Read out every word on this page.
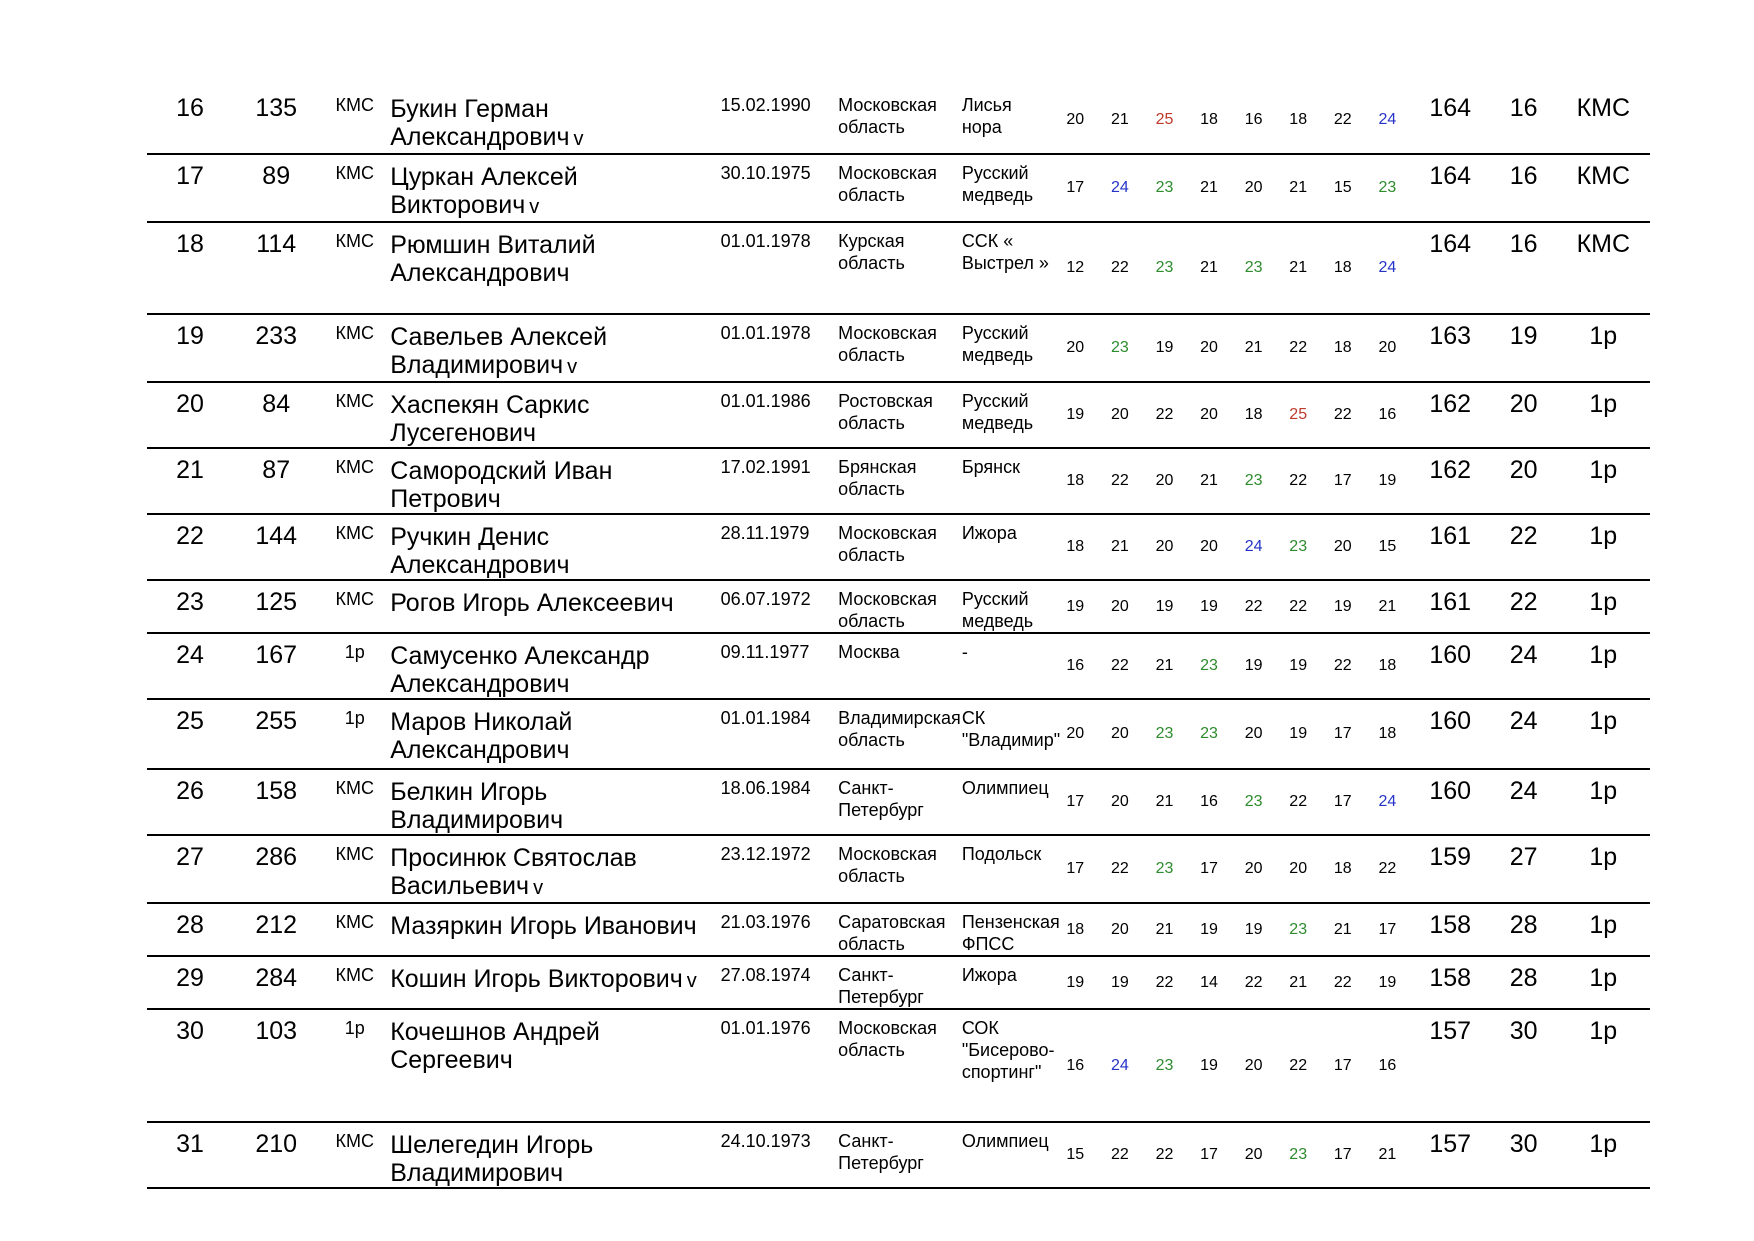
16	135	КМС	Букин Герман Александрович v	15.02.1990	Московская область	Лисья нора	20	21	25	18	16	18	22	24	164	16	КМС
17	89	КМС	Цуркан Алексей Викторович v	30.10.1975	Московская область	Русский медведь	17	24	23	21	20	21	15	23	164	16	КМС
18	114	КМС	Рюмшин Виталий Александрович	01.01.1978	Курская область	ССК « Выстрел »	12	22	23	21	23	21	18	24	164	16	КМС
19	233	КМС	Савельев Алексей Владимирович v	01.01.1978	Московская область	Русский медведь	20	23	19	20	21	22	18	20	163	19	1р
20	84	КМС	Хаспекян Саркис Лусегенович	01.01.1986	Ростовская область	Русский медведь	19	20	22	20	18	25	22	16	162	20	1р
21	87	КМС	Самородский Иван Петрович	17.02.1991	Брянская область	Брянск	18	22	20	21	23	22	17	19	162	20	1р
22	144	КМС	Ручкин Денис Александрович	28.11.1979	Московская область	Ижора	18	21	20	20	24	23	20	15	161	22	1р
23	125	КМС	Рогов Игорь Алексеевич	06.07.1972	Московская область	Русский медведь	19	20	19	19	22	22	19	21	161	22	1р
24	167	1р	Самусенко Александр Александрович	09.11.1977	Москва	-	16	22	21	23	19	19	22	18	160	24	1р
25	255	1р	Маров Николай Александрович	01.01.1984	Владимирская область	СК "Владимир"	20	20	23	23	20	19	17	18	160	24	1р
26	158	КМС	Белкин Игорь Владимирович	18.06.1984	Санкт-Петербург	Олимпиец	17	20	21	16	23	22	17	24	160	24	1р
27	286	КМС	Просинюк Святослав Васильевич v	23.12.1972	Московская область	Подольск	17	22	23	17	20	20	18	22	159	27	1р
28	212	КМС	Мазяркин Игорь Иванович	21.03.1976	Саратовская область	Пензенская ФПСС	18	20	21	19	19	23	21	17	158	28	1р
29	284	КМС	Кошин Игорь Викторович v	27.08.1974	Санкт-Петербург	Ижора	19	19	22	14	22	21	22	19	158	28	1р
30	103	1р	Кочешнов Андрей Сергеевич	01.01.1976	Московская область	СОК "Бисерово-спортинг"	16	24	23	19	20	22	17	16	157	30	1р
31	210	КМС	Шелегедин Игорь Владимирович	24.10.1973	Санкт-Петербург	Олимпиец	15	22	22	17	20	23	17	21	157	30	1р
